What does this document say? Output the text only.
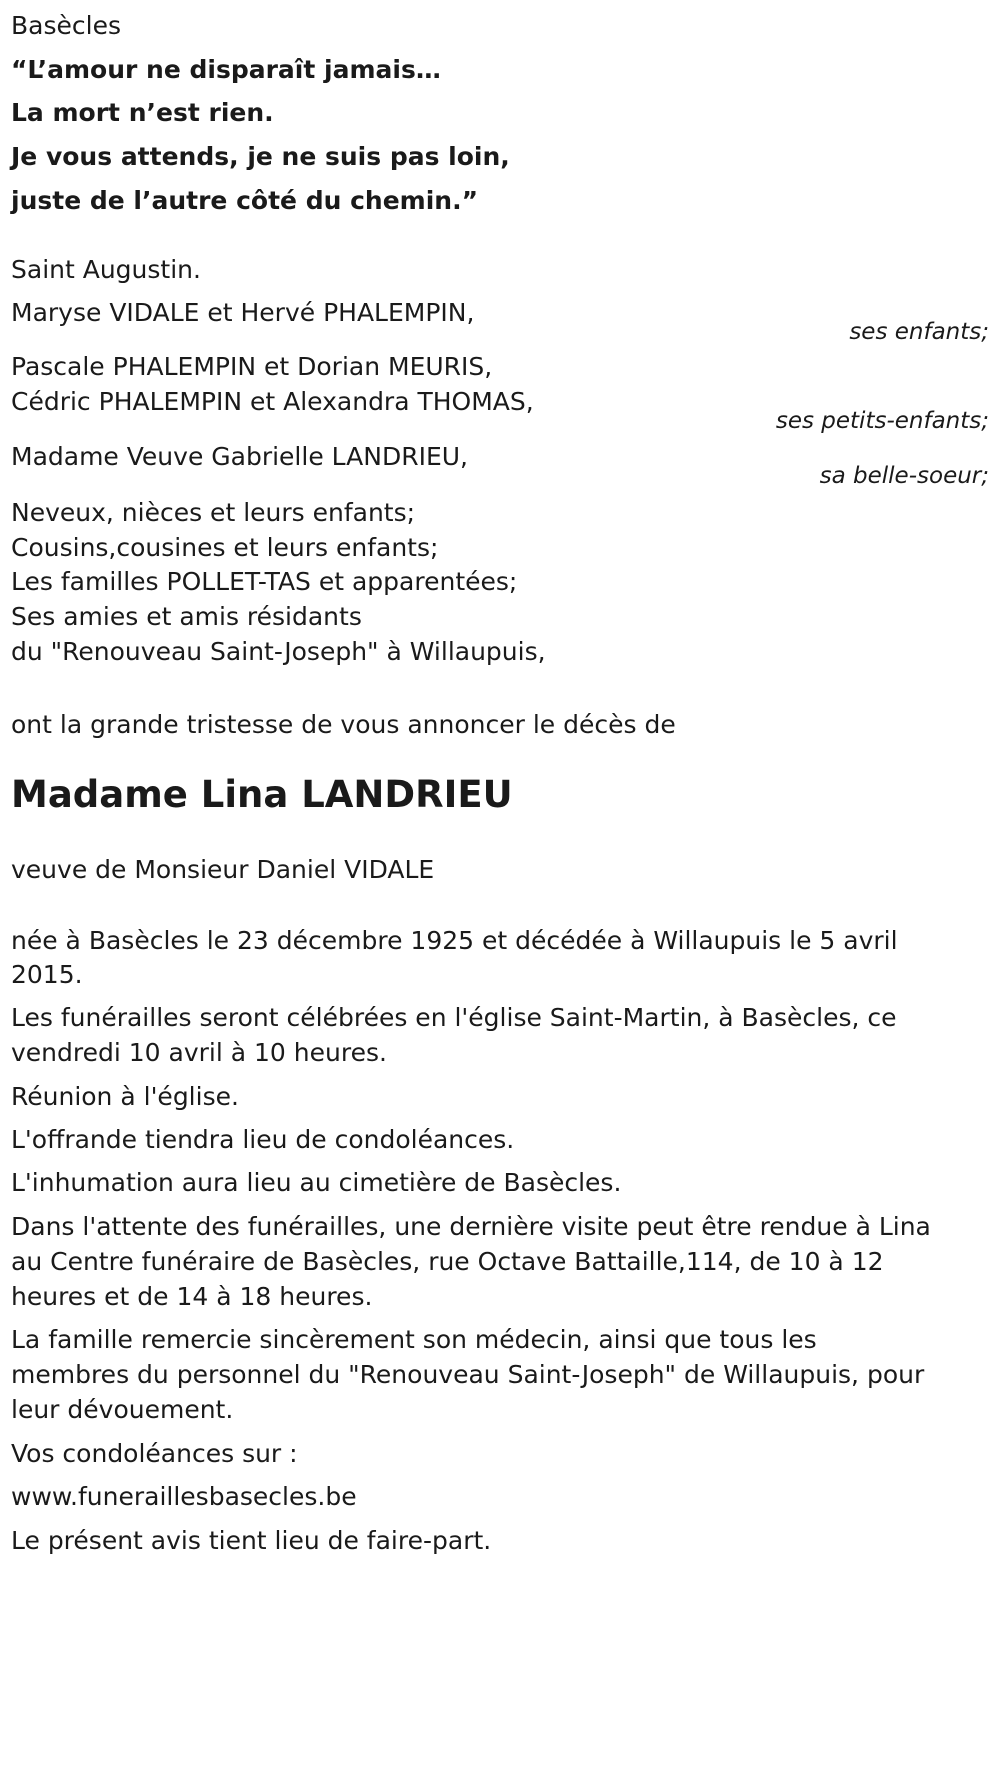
Basècles
“L’amour ne disparaît jamais…
La mort n’est rien.
Je vous attends, je ne suis pas loin,
juste de l’autre côté du chemin.”
Saint Augustin.
Maryse VIDALE et Hervé PHALEMPIN,
ses enfants;
Pascale PHALEMPIN et Dorian MEURIS,
Cédric PHALEMPIN et Alexandra THOMAS,
ses petits-enfants;
Madame Veuve Gabrielle LANDRIEU,
sa belle-soeur;
Neveux, nièces et leurs enfants;
Cousins,cousines et leurs enfants;
Les familles POLLET-TAS et apparentées;
Ses amies et amis résidants
du "Renouveau Saint-Joseph" à Willaupuis,
ont la grande tristesse de vous annoncer le décès de
Madame Lina LANDRIEU
veuve de Monsieur Daniel VIDALE
née à Basècles le 23 décembre 1925 et décédée à Willaupuis le 5 avril
2015.
Les funérailles seront célébrées en l'église Saint-Martin, à Basècles, ce
vendredi 10 avril à 10 heures.
Réunion à l'église.
L'offrande tiendra lieu de condoléances.
L'inhumation aura lieu au cimetière de Basècles.
Dans l'attente des funérailles, une dernière visite peut être rendue à Lina
au Centre funéraire de Basècles, rue Octave Battaille,114, de 10 à 12
heures et de 14 à 18 heures.
La famille remercie sincèrement son médecin, ainsi que tous les
membres du personnel du "Renouveau Saint-Joseph" de Willaupuis, pour
leur dévouement.
Vos condoléances sur :
www.funeraillesbasecles.be
Le présent avis tient lieu de faire-part.
